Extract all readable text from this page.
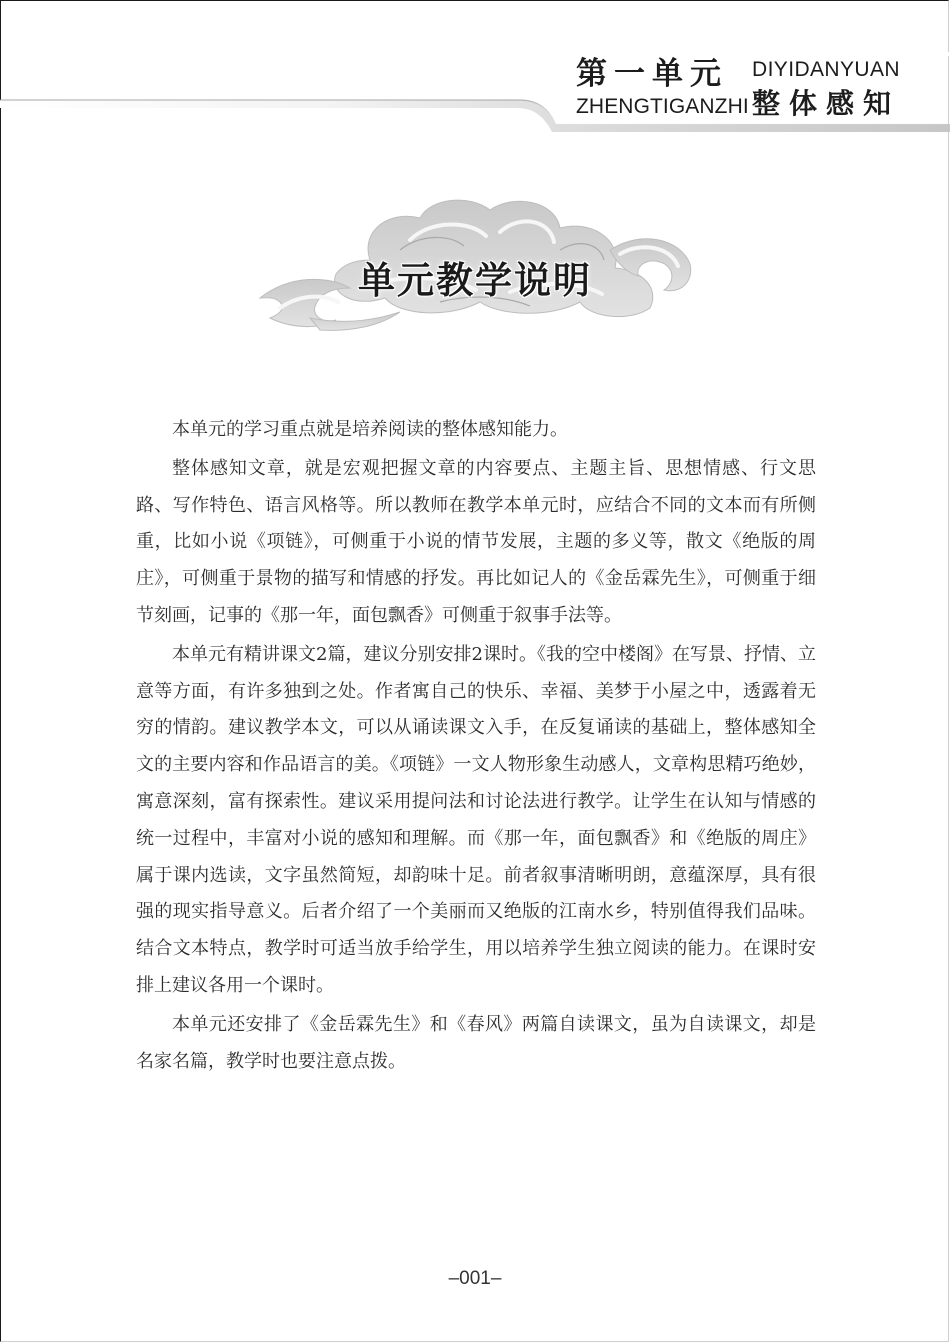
第一单元 DIYIDANYUAN
ZHENGTIGANZHI 整体感知
单元教学说明

本单元的学习重点就是培养阅读的整体感知能力。

整体感知文章，就是宏观把握文章的内容要点、主题主旨、思想情感、行文思路、写作特色、语言风格等。所以教师在教学本单元时，应结合不同的文本而有所侧重，比如小说《项链》，可侧重于小说的情节发展，主题的多义等，散文《绝版的周庄》，可侧重于景物的描写和情感的抒发。再比如记人的《金岳霖先生》，可侧重于细节刻画，记事的《那一年，面包飘香》可侧重于叙事手法等。

本单元有精讲课文2篇，建议分别安排2课时。《我的空中楼阁》在写景、抒情、立意等方面，有许多独到之处。作者寓自己的快乐、幸福、美梦于小屋之中，透露着无穷的情韵。建议教学本文，可以从诵读课文入手，在反复诵读的基础上，整体感知全文的主要内容和作品语言的美。《项链》一文人物形象生动感人，文章构思精巧绝妙，寓意深刻，富有探索性。建议采用提问法和讨论法进行教学。让学生在认知与情感的统一过程中，丰富对小说的感知和理解。而《那一年，面包飘香》和《绝版的周庄》属于课内选读，文字虽然简短，却韵味十足。前者叙事清晰明朗，意蕴深厚，具有很强的现实指导意义。后者介绍了一个美丽而又绝版的江南水乡，特别值得我们品味。结合文本特点，教学时可适当放手给学生，用以培养学生独立阅读的能力。在课时安排上建议各用一个课时。

本单元还安排了《金岳霖先生》和《春风》两篇自读课文，虽为自读课文，却是名家名篇，教学时也要注意点拨。

–001–
